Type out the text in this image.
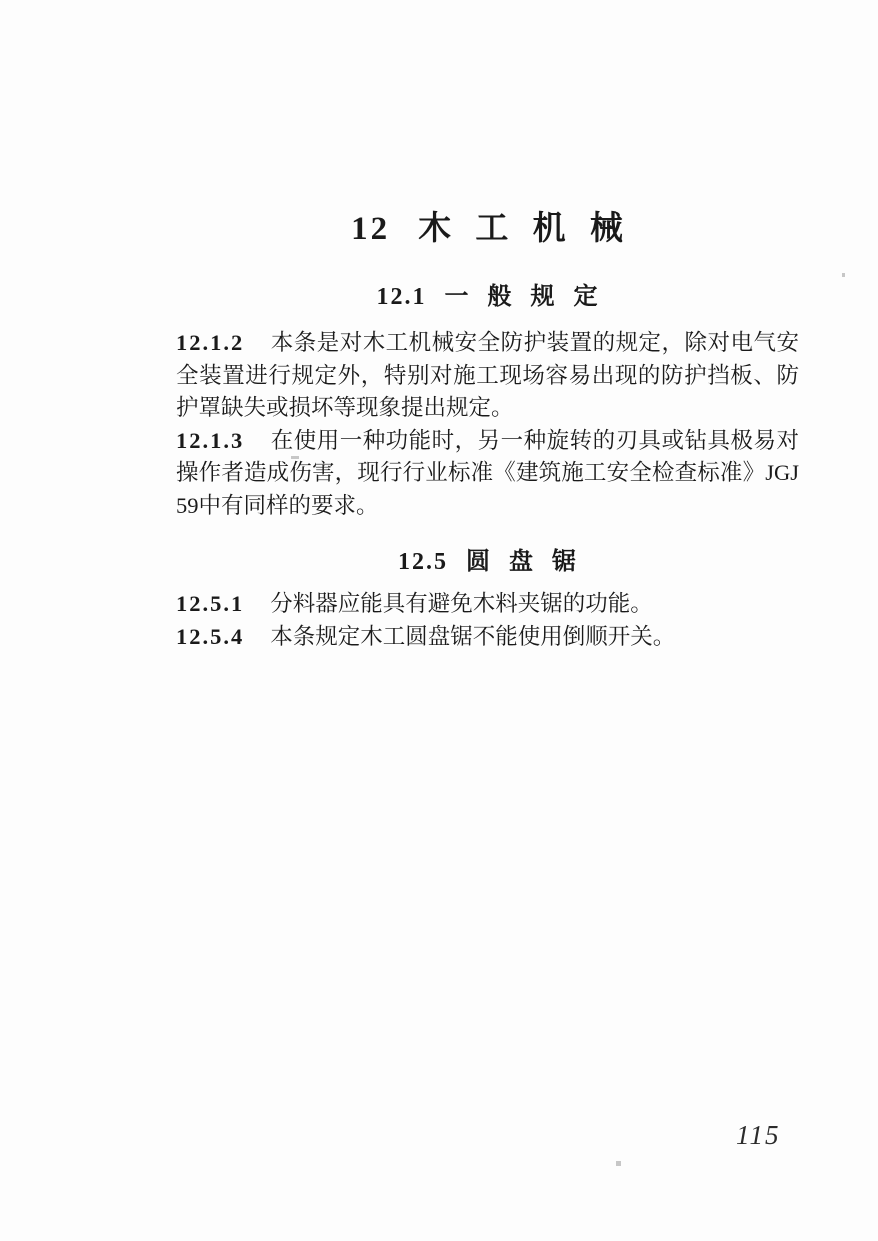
12 木 工 机 械
12.1 一 般 规 定

12.1.2 本条是对木工机械安全防护装置的规定，除对电气安全装置进行规定外，特别对施工现场容易出现的防护挡板、防护罩缺失或损坏等现象提出规定。

12.1.3 在使用一种功能时，另一种旋转的刃具或钻具极易对操作者造成伤害，现行行业标准《建筑施工安全检查标准》JGJ 59中有同样的要求。

12.5 圆 盘 锯

12.5.1 分料器应能具有避免木料夹锯的功能。

12.5.4 本条规定木工圆盘锯不能使用倒顺开关。

115
